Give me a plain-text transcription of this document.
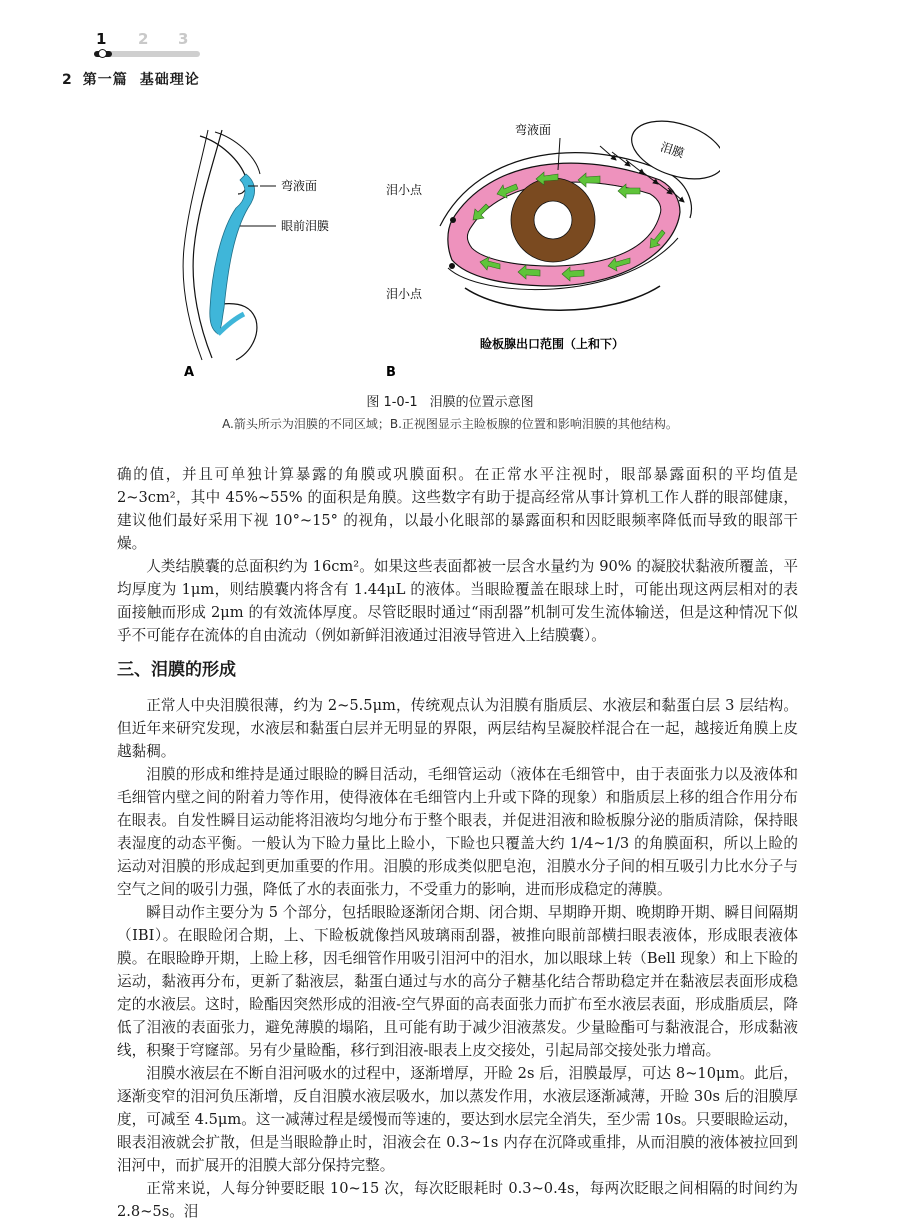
1 2 3
2 第一篇 基础理论
弯液面
眼前泪膜
A
弯液面
泪小点
泪小点
泪膜
睑板腺出口范围（上和下）
B
图 1-0-1 泪膜的位置示意图
A.箭头所示为泪膜的不同区域；B.正视图显示主睑板腺的位置和影响泪膜的其他结构。

确的值，并且可单独计算暴露的角膜或巩膜面积。在正常水平注视时，眼部暴露面积的平均值是 2~3cm²，其中 45%~55% 的面积是角膜。这些数字有助于提高经常从事计算机工作人群的眼部健康，建议他们最好采用下视 10°~15° 的视角，以最小化眼部的暴露面积和因眨眼频率降低而导致的眼部干燥。

人类结膜囊的总面积约为 16cm²。如果这些表面都被一层含水量约为 90% 的凝胶状黏液所覆盖，平均厚度为 1μm，则结膜囊内将含有 1.44μL 的液体。当眼睑覆盖在眼球上时，可能出现这两层相对的表面接触而形成 2μm 的有效流体厚度。尽管眨眼时通过“雨刮器”机制可发生流体输送，但是这种情况下似乎不可能存在流体的自由流动（例如新鲜泪液通过泪液导管进入上结膜囊）。

三、泪膜的形成

正常人中央泪膜很薄，约为 2~5.5μm，传统观点认为泪膜有脂质层、水液层和黏蛋白层 3 层结构。但近年来研究发现，水液层和黏蛋白层并无明显的界限，两层结构呈凝胶样混合在一起，越接近角膜上皮越黏稠。

泪膜的形成和维持是通过眼睑的瞬目活动，毛细管运动（液体在毛细管中，由于表面张力以及液体和毛细管内壁之间的附着力等作用，使得液体在毛细管内上升或下降的现象）和脂质层上移的组合作用分布在眼表。自发性瞬目运动能将泪液均匀地分布于整个眼表，并促进泪液和睑板腺分泌的脂质清除，保持眼表湿度的动态平衡。一般认为下睑力量比上睑小，下睑也只覆盖大约 1/4~1/3 的角膜面积，所以上睑的运动对泪膜的形成起到更加重要的作用。泪膜的形成类似肥皂泡，泪膜水分子间的相互吸引力比水分子与空气之间的吸引力强，降低了水的表面张力，不受重力的影响，进而形成稳定的薄膜。

瞬目动作主要分为 5 个部分，包括眼睑逐渐闭合期、闭合期、早期睁开期、晚期睁开期、瞬目间隔期（IBI）。在眼睑闭合期，上、下睑板就像挡风玻璃雨刮器，被推向眼前部横扫眼表液体，形成眼表液体膜。在眼睑睁开期，上睑上移，因毛细管作用吸引泪河中的泪水，加以眼球上转（Bell 现象）和上下睑的运动，黏液再分布，更新了黏液层，黏蛋白通过与水的高分子糖基化结合帮助稳定并在黏液层表面形成稳定的水液层。这时，睑酯因突然形成的泪液-空气界面的高表面张力而扩布至水液层表面，形成脂质层，降低了泪液的表面张力，避免薄膜的塌陷，且可能有助于减少泪液蒸发。少量睑酯可与黏液混合，形成黏液线，积聚于穹窿部。另有少量睑酯，移行到泪液-眼表上皮交接处，引起局部交接处张力增高。

泪膜水液层在不断自泪河吸水的过程中，逐渐增厚，开睑 2s 后，泪膜最厚，可达 8~10μm。此后，逐渐变窄的泪河负压渐增，反自泪膜水液层吸水，加以蒸发作用，水液层逐渐减薄，开睑 30s 后的泪膜厚度，可减至 4.5μm。这一减薄过程是缓慢而等速的，要达到水层完全消失，至少需 10s。只要眼睑运动，眼表泪液就会扩散，但是当眼睑静止时，泪液会在 0.3~1s 内存在沉降或重排，从而泪膜的液体被拉回到泪河中，而扩展开的泪膜大部分保持完整。

正常来说，人每分钟要眨眼 10~15 次，每次眨眼耗时 0.3~0.4s，每两次眨眼之间相隔的时间约为 2.8~5s。泪
